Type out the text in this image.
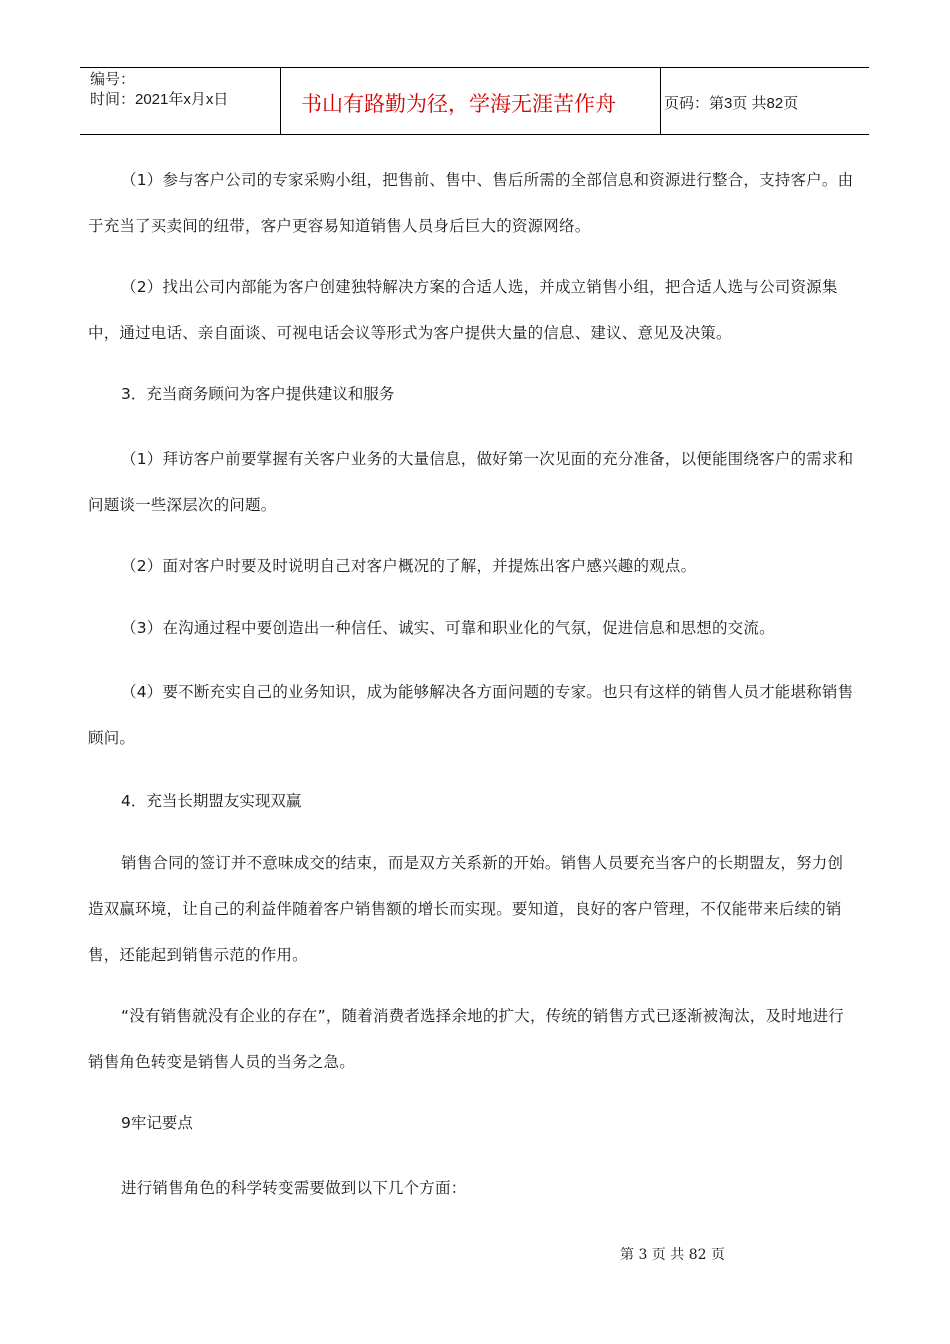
编号：
时间：2021年x月x日	书山有路勤为径，学海无涯苦作舟	页码：第3页 共82页

（1）参与客户公司的专家采购小组，把售前、售中、售后所需的全部信息和资源进行整合，支持客户。由于充当了买卖间的纽带，客户更容易知道销售人员身后巨大的资源网络。

（2）找出公司内部能为客户创建独特解决方案的合适人选，并成立销售小组，把合适人选与公司资源集中，通过电话、亲自面谈、可视电话会议等形式为客户提供大量的信息、建议、意见及决策。

3．充当商务顾问为客户提供建议和服务

（1）拜访客户前要掌握有关客户业务的大量信息，做好第一次见面的充分准备，以便能围绕客户的需求和问题谈一些深层次的问题。

（2）面对客户时要及时说明自己对客户概况的了解，并提炼出客户感兴趣的观点。

（3）在沟通过程中要创造出一种信任、诚实、可靠和职业化的气氛，促进信息和思想的交流。

（4）要不断充实自己的业务知识，成为能够解决各方面问题的专家。也只有这样的销售人员才能堪称销售顾问。

4．充当长期盟友实现双赢

销售合同的签订并不意味成交的结束，而是双方关系新的开始。销售人员要充当客户的长期盟友，努力创造双赢环境，让自己的利益伴随着客户销售额的增长而实现。要知道，良好的客户管理，不仅能带来后续的销售，还能起到销售示范的作用。

“没有销售就没有企业的存在”，随着消费者选择余地的扩大，传统的销售方式已逐渐被淘汰，及时地进行销售角色转变是销售人员的当务之急。

9牢记要点

进行销售角色的科学转变需要做到以下几个方面：

第 3 页 共 82 页
